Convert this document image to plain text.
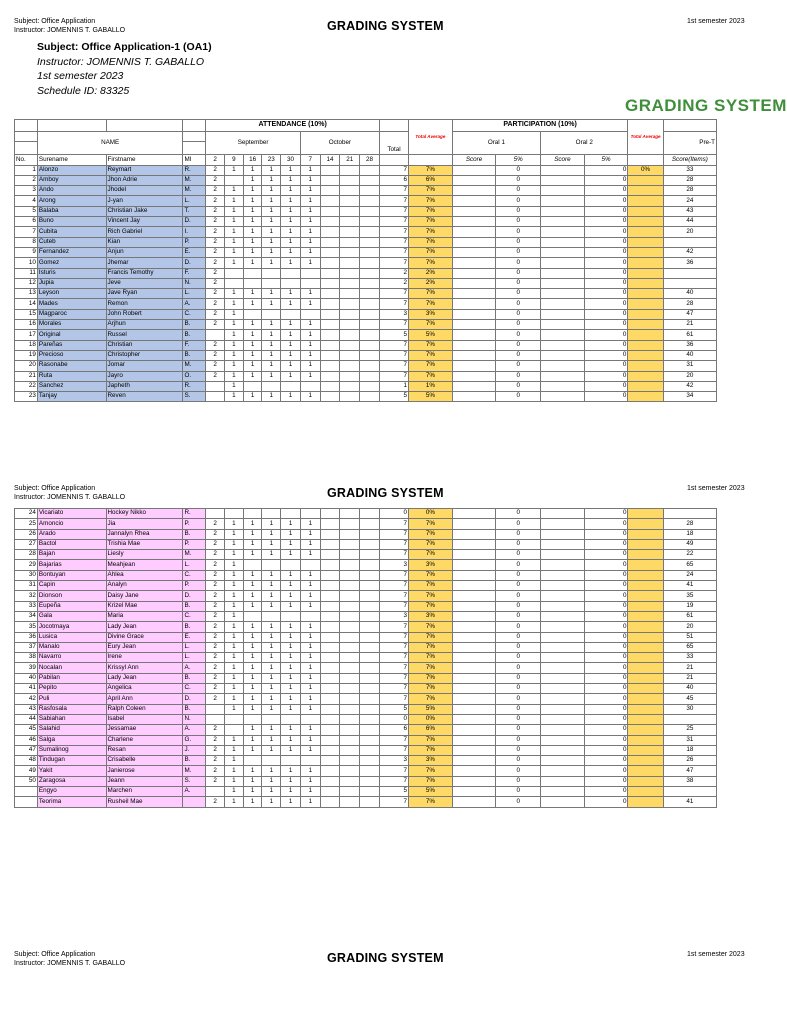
Subject: Office Application
Instructor: JOMENNIS T. GABALLO	GRADING SYSTEM	1st semester 2023
Subject: Office Application-1 (OA1)
Instructor: JOMENNIS T. GABALLO
1st semester 2023
Schedule ID: 83325
GRADING SYSTEM
				ATTENDANCE (10%)										Total Average	PARTICIPATION (10%)				Total Average	

	NAME			September					October				Total		Oral 1		Oral 2			Pre-T

No.	Surename	Firstname	MI	2	9	16	23	30	7	14	21	28			Score	5%	Score	5%		Score(Items)
1	Alonzo	Reymart	R.	2	1	1	1	1	1				7	7%		0		0	0%	33
2	Amboy	Jhon Adrie	M.	2		1	1	1	1				6	6%		0		0		28
3	Ando	Jhodel	M.	2	1	1	1	1	1				7	7%		0		0		28
4	Arong	J-yan	L.	2	1	1	1	1	1				7	7%		0		0		24
5	Balaba	Christian Jake	T.	2	1	1	1	1	1				7	7%		0		0		43
6	Buno	Vincent Jay	D.	2	1	1	1	1	1				7	7%		0		0		44
7	Cubita	Rich Gabriel	I.	2	1	1	1	1	1				7	7%		0		0		20
8	Cuteb	Kian	P.	2	1	1	1	1	1				7	7%		0		0		
9	Fernandez	Anjun	E.	2	1	1	1	1	1				7	7%		0		0		42
10	Gomez	Jhemar	D.	2	1	1	1	1	1				7	7%		0		0		36
11	Isturis	Francis Temothy	F.	2									2	2%		0		0		
12	Jupia	Jeve	N.	2									2	2%		0		0		
13	Leyson	Jave Ryan	L.	2	1	1	1	1	1				7	7%		0		0		40
14	Mades	Remon	A.	2	1	1	1	1	1				7	7%		0		0		28
15	Magparoc	John Robert	C.	2	1								3	3%		0		0		47
16	Morales	Arjhun	B.	2	1	1	1	1	1				7	7%		0		0		21
17	Original	Russel	B.		1	1	1	1	1				5	5%		0		0		61
18	Pareñas	Christian	F.	2	1	1	1	1	1				7	7%		0		0		36
19	Precioso	Christopher	B.	2	1	1	1	1	1				7	7%		0		0		40
20	Rasonabe	Jomar	M.	2	1	1	1	1	1				7	7%		0		0		31
21	Ruta	Jayro	O.	2	1	1	1	1	1				7	7%		0		0		20
22	Sanchez	Japheth	R.		1								1	1%		0		0		42
23	Tanjay	Reven	S.		1	1	1	1	1				5	5%		0		0		34
Subject: Office Application
Instructor: JOMENNIS T. GABALLO	GRADING SYSTEM	1st semester 2023
24	Vicariato	Hockey Nikko	R.										0	0%		0		0		
25	Amoncio	Jia	P.	2	1	1	1	1	1				7	7%		0		0		28
26	Arado	Jannalyn Rhea	B.	2	1	1	1	1	1				7	7%		0		0		18
27	Bactol	Trishia Mae	P.	2	1	1	1	1	1				7	7%		0		0		49
28	Bajan	Liesly	M.	2	1	1	1	1	1				7	7%		0		0		22
29	Bajarias	Meahjean	L.	2	1								3	3%		0		0		65
30	Bontuyan	Ahlea	C.	2	1	1	1	1	1				7	7%		0		0		24
31	Capin	Analyn	P.	2	1	1	1	1	1				7	7%		0		0		41
32	Dionson	Daisy Jane	D.	2	1	1	1	1	1				7	7%		0		0		35
33	Eupeña	Krizel Mae	B.	2	1	1	1	1	1				7	7%		0		0		19
34	Gala	Maria	C.	2	1								3	3%		0		0		61
35	Jocotmaya	Lady Jean	B.	2	1	1	1	1	1				7	7%		0		0		20
36	Lusica	Divine Grace	E.	2	1	1	1	1	1				7	7%		0		0		51
37	Manalo	Eury Jean	L.	2	1	1	1	1	1				7	7%		0		0		65
38	Navarro	Irene	L.	2	1	1	1	1	1				7	7%		0		0		33
39	Nocalan	Krissyl Ann	A.	2	1	1	1	1	1				7	7%		0		0		21
40	Pabilan	Lady Jean	B.	2	1	1	1	1	1				7	7%		0		0		21
41	Pepito	Angelica	C.	2	1	1	1	1	1				7	7%		0		0		40
42	Puli	April Ann	D.	2	1	1	1	1	1				7	7%		0		0		45
43	Rasfosala	Ralph Coleen	B.		1	1	1	1	1				5	5%		0		0		30
44	Sabiahan	Isabel	N.										0	0%		0		0		
45	Salahid	Jessamae	A.	2		1	1	1	1				6	6%		0		0		25
46	Salga	Charlene	G.	2	1	1	1	1	1				7	7%		0		0		31
47	Sumalinog	Resan	J.	2	1	1	1	1	1				7	7%		0		0		18
48	Tindugan	Crisabelle	B.	2	1								3	3%		0		0		26
49	Yakit	Janierose	M.	2	1	1	1	1	1				7	7%		0		0		47
50	Zaragosa	Jeann	S.	2	1	1	1	1	1				7	7%		0		0		38
	Engyo	Marchen	A.		1	1	1	1	1				5	5%		0		0		
	Teorima	Rusheil Mae		2	1	1	1	1	1				7	7%		0		0		41
Subject: Office Application
Instructor: JOMENNIS T. GABALLO	GRADING SYSTEM	1st semester 2023
